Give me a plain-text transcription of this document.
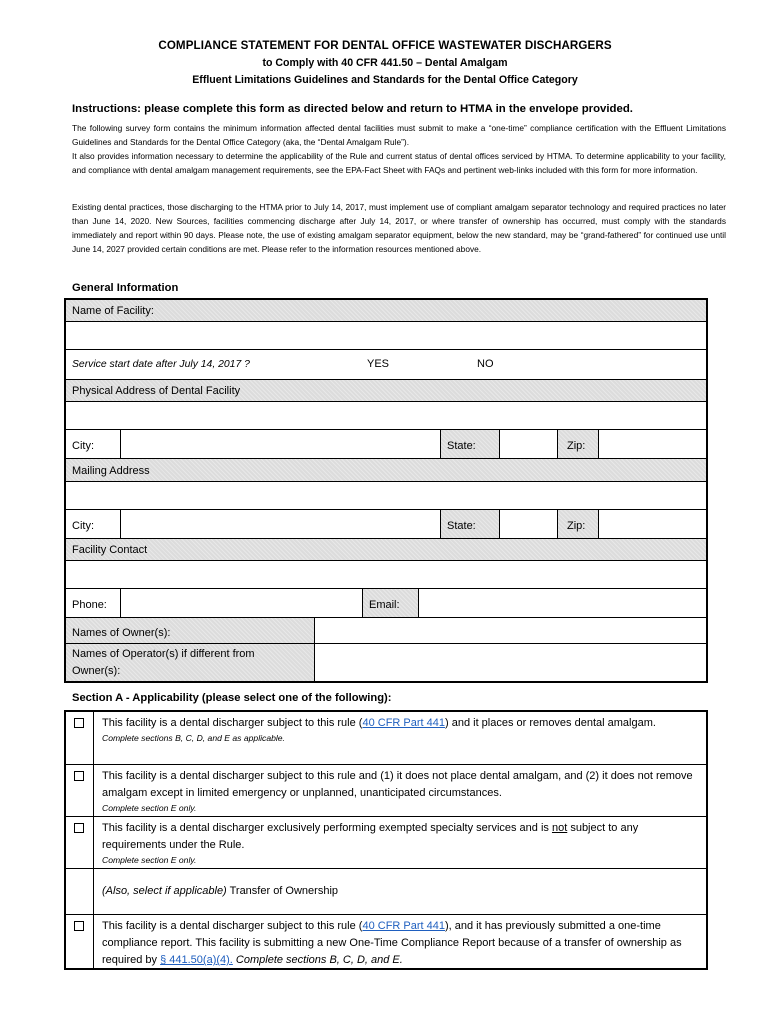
COMPLIANCE STATEMENT FOR DENTAL OFFICE WASTEWATER DISCHARGERS
to Comply with 40 CFR 441.50 – Dental Amalgam
Effluent Limitations Guidelines and Standards for the Dental Office Category
Instructions: please complete this form as directed below and return to HTMA in the envelope provided.
The following survey form contains the minimum information affected dental facilities must submit to make a “one-time” compliance certification with the Effluent Limitations Guidelines and Standards for the Dental Office Category (aka, the “Dental Amalgam Rule”).
It also provides information necessary to determine the applicability of the Rule and current status of dental offices serviced by HTMA. To determine applicability to your facility, and compliance with dental amalgam management requirements, see the EPA-Fact Sheet with FAQs and pertinent web-links included with this form for more information.
Existing dental practices, those discharging to the HTMA prior to July 14, 2017, must implement use of compliant amalgam separator technology and required practices no later than June 14, 2020. New Sources, facilities commencing discharge after July 14, 2017, or where transfer of ownership has occurred, must comply with the standards immediately and report within 90 days. Please note, the use of existing amalgam separator equipment, below the new standard, may be “grand-fathered” for continued use until June 14, 2027 provided certain conditions are met. Please refer to the information resources mentioned above.
General Information
Name of Facility:
Service start date after July 14, 2017 ?	YES	NO
Physical Address of Dental Facility
City:	State:	Zip:
Mailing Address
City:	State:	Zip:
Facility Contact
Phone:	Email:
Names of Owner(s):
Names of Operator(s) if different from
Owner(s):
Section A - Applicability (please select one of the following):
This facility is a dental discharger subject to this rule (40 CFR Part 441) and it places or removes dental amalgam.
Complete sections B, C, D, and E as applicable.
This facility is a dental discharger subject to this rule and (1) it does not place dental amalgam, and (2) it does not remove amalgam except in limited emergency or unplanned, unanticipated circumstances.
Complete section E only.
This facility is a dental discharger exclusively performing exempted specialty services and is not subject to any requirements under the Rule.
Complete section E only.
(Also, select if applicable) Transfer of Ownership
This facility is a dental discharger subject to this rule (40 CFR Part 441), and it has previously submitted a one-time compliance report. This facility is submitting a new One-Time Compliance Report because of a transfer of ownership as required by § 441.50(a)(4). Complete sections B, C, D, and E.
